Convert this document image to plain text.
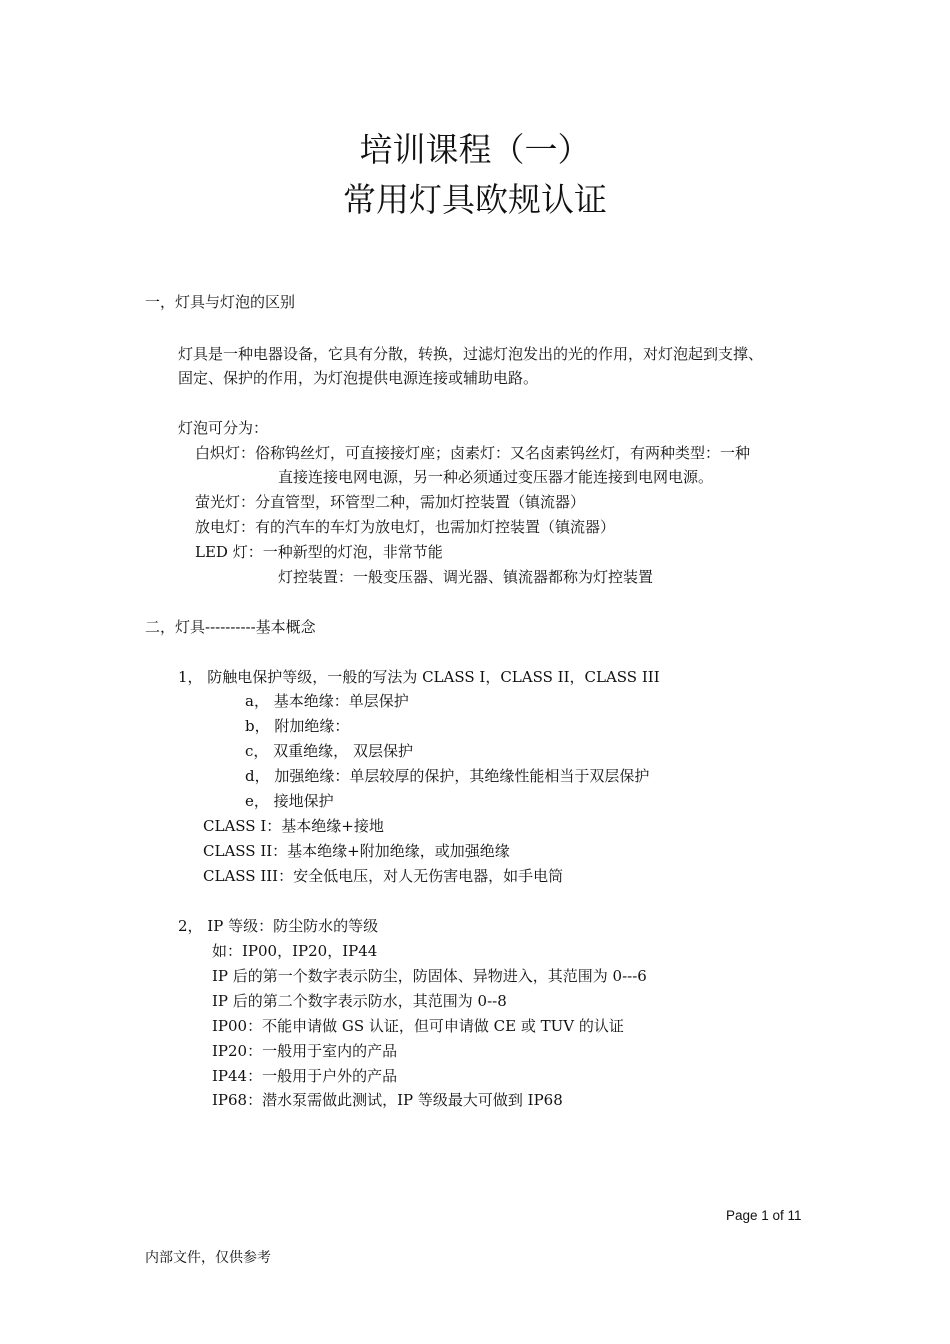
培训课程（一）
常用灯具欧规认证
一，灯具与灯泡的区别
灯具是一种电器设备，它具有分散，转换，过滤灯泡发出的光的作用，对灯泡起到支撑、
固定、保护的作用，为灯泡提供电源连接或辅助电路。
灯泡可分为：
白炽灯：俗称钨丝灯，可直接接灯座；卤素灯：又名卤素钨丝灯，有两种类型：一种
直接连接电网电源，另一种必须通过变压器才能连接到电网电源。
萤光灯：分直管型，环管型二种，需加灯控装置（镇流器）
放电灯：有的汽车的车灯为放电灯，也需加灯控装置（镇流器）
LED 灯：一种新型的灯泡，非常节能
灯控装置：一般变压器、调光器、镇流器都称为灯控装置
二，灯具----------基本概念
1， 防触电保护等级，一般的写法为 CLASS I，CLASS II，CLASS III
a， 基本绝缘：单层保护
b， 附加绝缘：
c， 双重绝缘， 双层保护
d， 加强绝缘：单层较厚的保护，其绝缘性能相当于双层保护
e， 接地保护
CLASS I：基本绝缘+接地
CLASS II：基本绝缘+附加绝缘，或加强绝缘
CLASS III：安全低电压，对人无伤害电器，如手电筒
2， IP 等级：防尘防水的等级
如：IP00，IP20，IP44
IP 后的第一个数字表示防尘，防固体、异物进入，其范围为 0---6
IP 后的第二个数字表示防水，其范围为 0--8
IP00：不能申请做 GS 认证，但可申请做 CE 或 TUV 的认证
IP20：一般用于室内的产品
IP44：一般用于户外的产品
IP68：潜水泵需做此测试，IP 等级最大可做到 IP68
Page 1 of 11
内部文件，仅供参考
